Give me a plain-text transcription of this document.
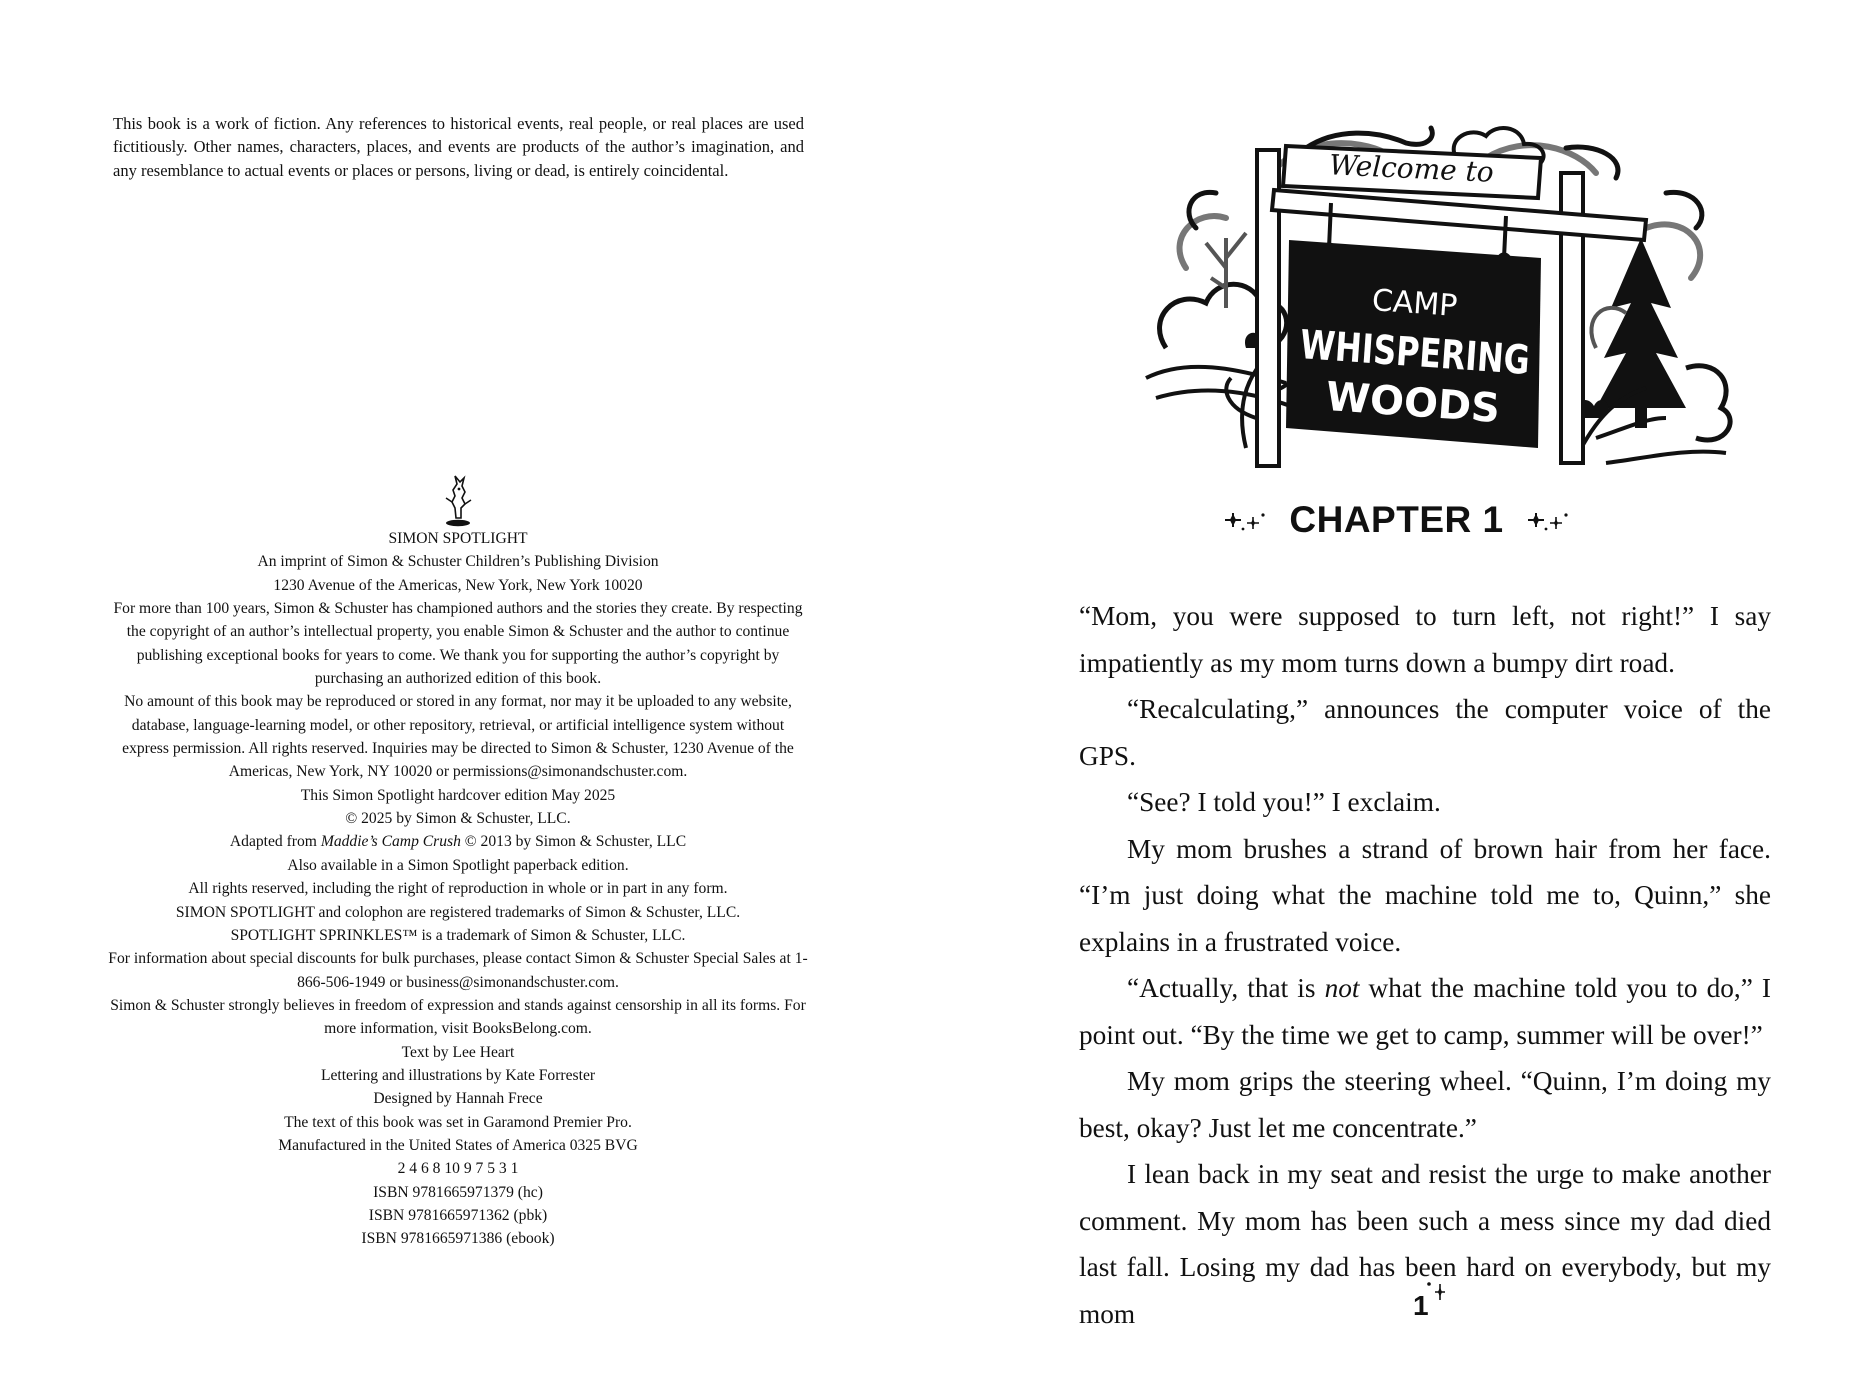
This book is a work of fiction. Any references to historical events, real people, or real places are used fictitiously. Other names, characters, places, and events are products of the author’s imagination, and any resemblance to actual events or places or persons, living or dead, is entirely coincidental.

SIMON SPOTLIGHT
An imprint of Simon & Schuster Children’s Publishing Division
1230 Avenue of the Americas, New York, New York 10020
For more than 100 years, Simon & Schuster has championed authors and the stories they create. By respecting the copyright of an author’s intellectual property, you enable Simon & Schuster and the author to continue publishing exceptional books for years to come. We thank you for supporting the author’s copyright by purchasing an authorized edition of this book.
No amount of this book may be reproduced or stored in any format, nor may it be uploaded to any website, database, language-learning model, or other repository, retrieval, or artificial intelligence system without express permission. All rights reserved. Inquiries may be directed to Simon & Schuster, 1230 Avenue of the Americas, New York, NY 10020 or permissions@simonandschuster.com.
This Simon Spotlight hardcover edition May 2025
© 2025 by Simon & Schuster, LLC.
Adapted from Maddie’s Camp Crush © 2013 by Simon & Schuster, LLC
Also available in a Simon Spotlight paperback edition.
All rights reserved, including the right of reproduction in whole or in part in any form.
SIMON SPOTLIGHT and colophon are registered trademarks of Simon & Schuster, LLC.
SPOTLIGHT SPRINKLES™ is a trademark of Simon & Schuster, LLC.
For information about special discounts for bulk purchases, please contact Simon & Schuster Special Sales at 1-866-506-1949 or business@simonandschuster.com.
Simon & Schuster strongly believes in freedom of expression and stands against censorship in all its forms. For more information, visit BooksBelong.com.
Text by Lee Heart
Lettering and illustrations by Kate Forrester
Designed by Hannah Frece
The text of this book was set in Garamond Premier Pro.
Manufactured in the United States of America 0325 BVG
2 4 6 8 10 9 7 5 3 1
ISBN 9781665971379 (hc)
ISBN 9781665971362 (pbk)
ISBN 9781665971386 (ebook)
Welcome to
CAMP
WHISPERING
WOODS
CHAPTER 1

“Mom, you were supposed to turn left, not right!” I say impatiently as my mom turns down a bumpy dirt road.

“Recalculating,” announces the computer voice of the GPS.

“See? I told you!” I exclaim.

My mom brushes a strand of brown hair from her face. “I’m just doing what the machine told me to, Quinn,” she explains in a frustrated voice.

“Actually, that is not what the machine told you to do,” I point out. “By the time we get to camp, summer will be over!”

My mom grips the steering wheel. “Quinn, I’m doing my best, okay? Just let me concentrate.”

I lean back in my seat and resist the urge to make another comment. My mom has been such a mess since my dad died last fall. Losing my dad has been hard on everybody, but my mom	1
